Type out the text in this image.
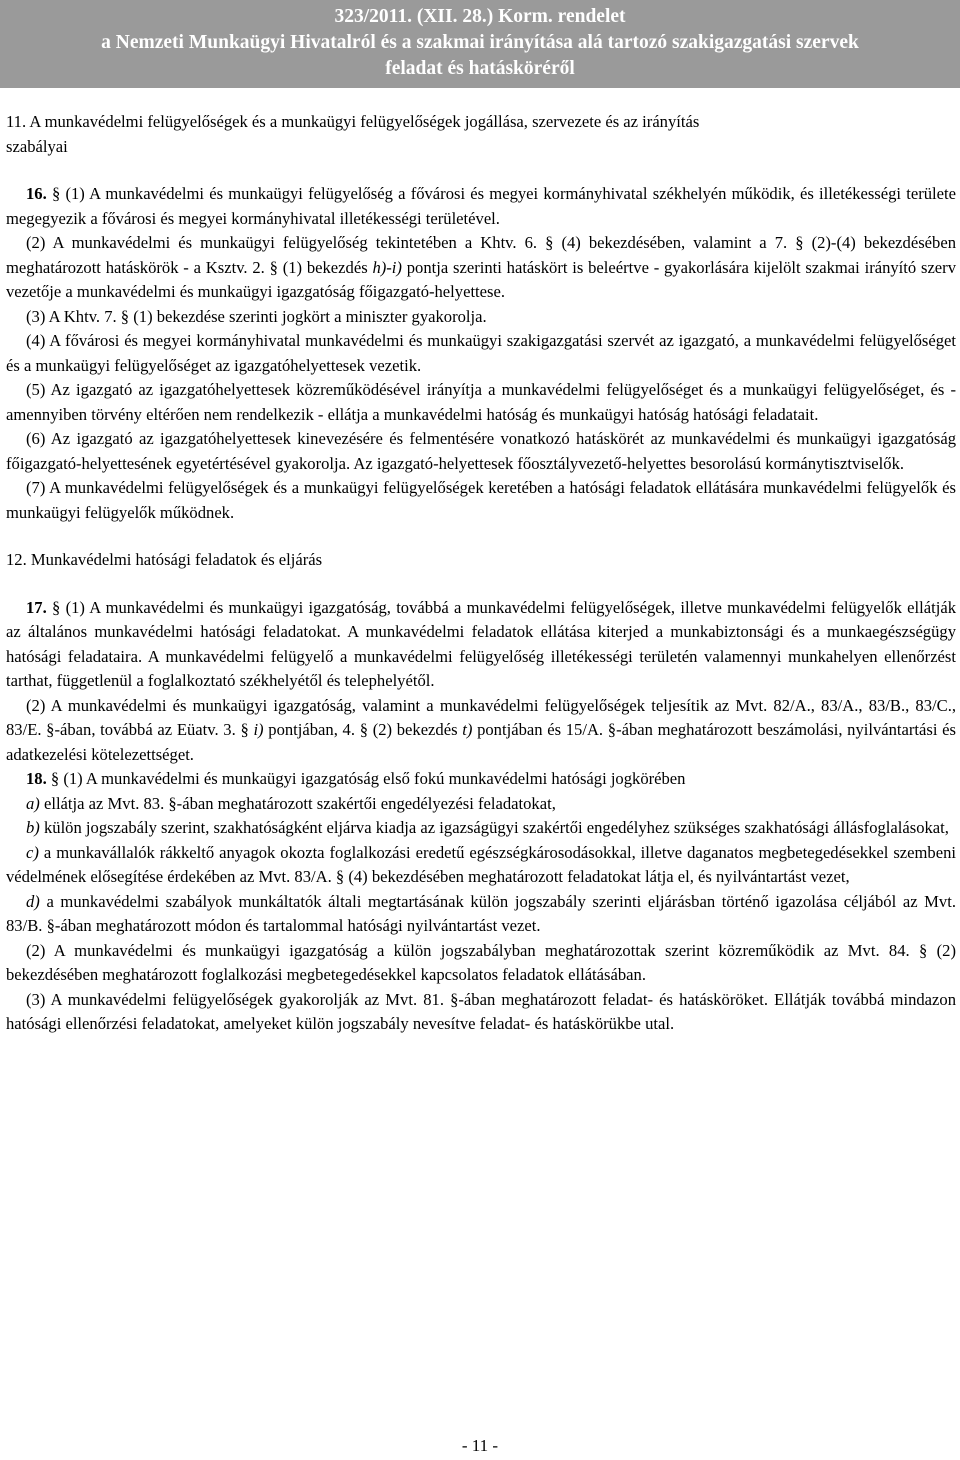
323/2011. (XII. 28.) Korm. rendelet
a Nemzeti Munkaügyi Hivatalról és a szakmai irányítása alá tartozó szakigazgatási szervek
feladat és hatásköréről

11. A munkavédelmi felügyelőségek és a munkaügyi felügyelőségek jogállása, szervezete és az irányítás
szabályai

16. § (1) A munkavédelmi és munkaügyi felügyelőség a fővárosi és megyei kormányhivatal székhelyén működik, és illetékességi területe megegyezik a fővárosi és megyei kormányhivatal illetékességi területével.

(2) A munkavédelmi és munkaügyi felügyelőség tekintetében a Khtv. 6. § (4) bekezdésében, valamint a 7. § (2)-(4) bekezdésében meghatározott hatáskörök - a Ksztv. 2. § (1) bekezdés h)-i) pontja szerinti hatáskört is beleértve - gyakorlására kijelölt szakmai irányító szerv vezetője a munkavédelmi és munkaügyi igazgatóság főigazgató-helyettese.

(3) A Khtv. 7. § (1) bekezdése szerinti jogkört a miniszter gyakorolja.

(4) A fővárosi és megyei kormányhivatal munkavédelmi és munkaügyi szakigazgatási szervét az igazgató, a munkavédelmi felügyelőséget és a munkaügyi felügyelőséget az igazgatóhelyettesek vezetik.

(5) Az igazgató az igazgatóhelyettesek közreműködésével irányítja a munkavédelmi felügyelőséget és a munkaügyi felügyelőséget, és - amennyiben törvény eltérően nem rendelkezik - ellátja a munkavédelmi hatóság és munkaügyi hatóság hatósági feladatait.

(6) Az igazgató az igazgatóhelyettesek kinevezésére és felmentésére vonatkozó hatáskörét az munkavédelmi és munkaügyi igazgatóság főigazgató-helyettesének egyetértésével gyakorolja. Az igazgató-helyettesek főosztályvezető-helyettes besorolású kormánytisztviselők.

(7) A munkavédelmi felügyelőségek és a munkaügyi felügyelőségek keretében a hatósági feladatok ellátására munkavédelmi felügyelők és munkaügyi felügyelők működnek.

12. Munkavédelmi hatósági feladatok és eljárás

17. § (1) A munkavédelmi és munkaügyi igazgatóság, továbbá a munkavédelmi felügyelőségek, illetve munkavédelmi felügyelők ellátják az általános munkavédelmi hatósági feladatokat. A munkavédelmi feladatok ellátása kiterjed a munkabiztonsági és a munkaegészségügy hatósági feladataira. A munkavédelmi felügyelő a munkavédelmi felügyelőség illetékességi területén valamennyi munkahelyen ellenőrzést tarthat, függetlenül a foglalkoztató székhelyétől és telephelyétől.

(2) A munkavédelmi és munkaügyi igazgatóság, valamint a munkavédelmi felügyelőségek teljesítik az Mvt. 82/A., 83/A., 83/B., 83/C., 83/E. §-ában, továbbá az Eüatv. 3. § i) pontjában, 4. § (2) bekezdés t) pontjában és 15/A. §-ában meghatározott beszámolási, nyilvántartási és adatkezelési kötelezettséget.

18. § (1) A munkavédelmi és munkaügyi igazgatóság első fokú munkavédelmi hatósági jogkörében

a) ellátja az Mvt. 83. §-ában meghatározott szakértői engedélyezési feladatokat,

b) külön jogszabály szerint, szakhatóságként eljárva kiadja az igazságügyi szakértői engedélyhez szükséges szakhatósági állásfoglalásokat,

c) a munkavállalók rákkeltő anyagok okozta foglalkozási eredetű egészségkárosodásokkal, illetve daganatos megbetegedésekkel szembeni védelmének elősegítése érdekében az Mvt. 83/A. § (4) bekezdésében meghatározott feladatokat látja el, és nyilvántartást vezet,

d) a munkavédelmi szabályok munkáltatók általi megtartásának külön jogszabály szerinti eljárásban történő igazolása céljából az Mvt. 83/B. §-ában meghatározott módon és tartalommal hatósági nyilvántartást vezet.

(2) A munkavédelmi és munkaügyi igazgatóság a külön jogszabályban meghatározottak szerint közreműködik az Mvt. 84. § (2) bekezdésében meghatározott foglalkozási megbetegedésekkel kapcsolatos feladatok ellátásában.

(3) A munkavédelmi felügyelőségek gyakorolják az Mvt. 81. §-ában meghatározott feladat- és hatásköröket. Ellátják továbbá mindazon hatósági ellenőrzési feladatokat, amelyeket külön jogszabály nevesítve feladat- és hatáskörükbe utal.

- 11 -
